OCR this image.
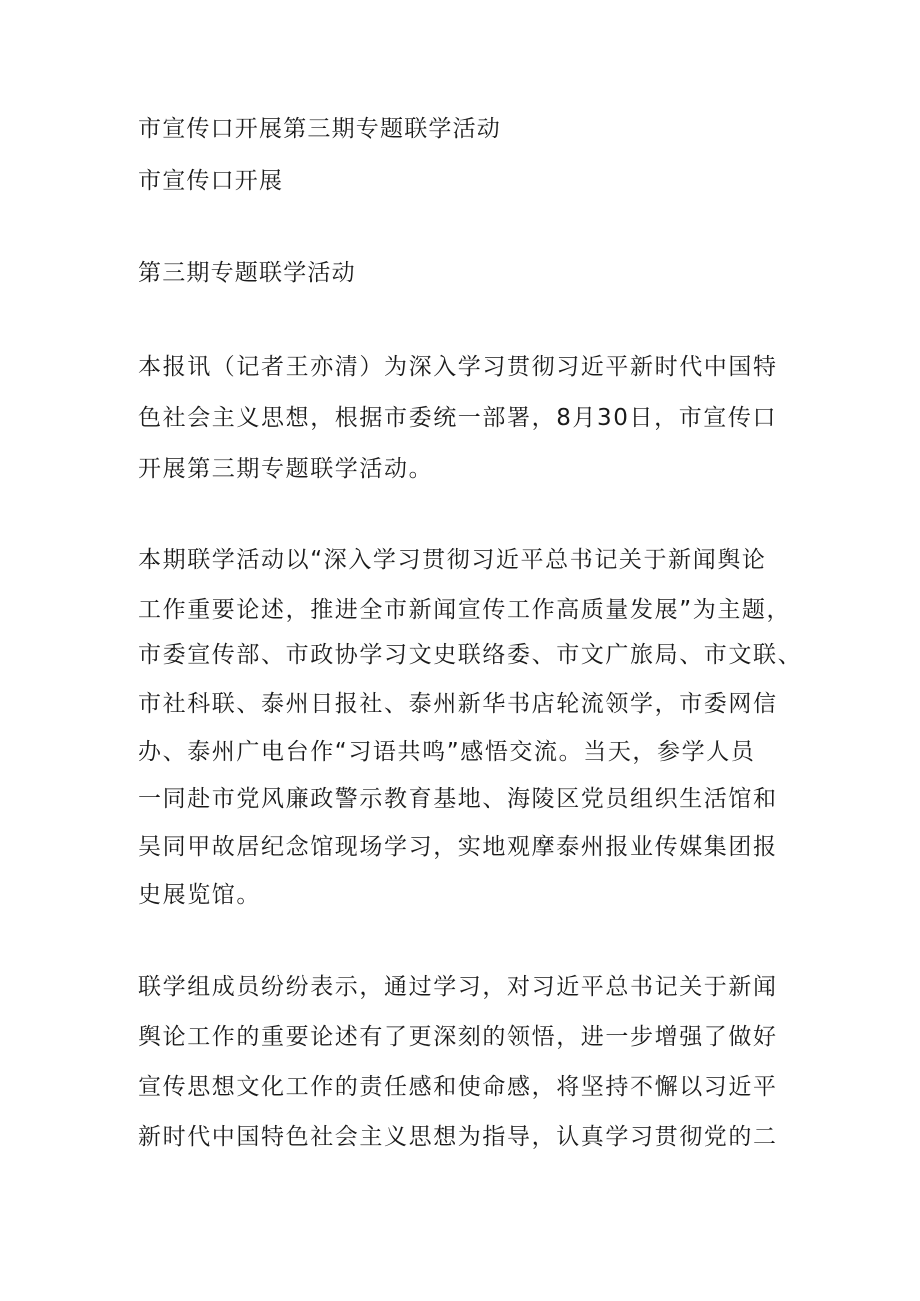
市宣传口开展第三期专题联学活动
市宣传口开展
第三期专题联学活动
本报讯（记者王亦清）为深入学习贯彻习近平新时代中国特
色社会主义思想，根据市委统一部署，8月30日，市宣传口
开展第三期专题联学活动。
本期联学活动以“深入学习贯彻习近平总书记关于新闻舆论
工作重要论述，推进全市新闻宣传工作高质量发展”为主题，
市委宣传部、市政协学习文史联络委、市文广旅局、市文联、
市社科联、泰州日报社、泰州新华书店轮流领学，市委网信
办、泰州广电台作“习语共鸣”感悟交流。当天，参学人员
一同赴市党风廉政警示教育基地、海陵区党员组织生活馆和
吴同甲故居纪念馆现场学习，实地观摩泰州报业传媒集团报
史展览馆。
联学组成员纷纷表示，通过学习，对习近平总书记关于新闻
舆论工作的重要论述有了更深刻的领悟，进一步增强了做好
宣传思想文化工作的责任感和使命感，将坚持不懈以习近平
新时代中国特色社会主义思想为指导，认真学习贯彻党的二
